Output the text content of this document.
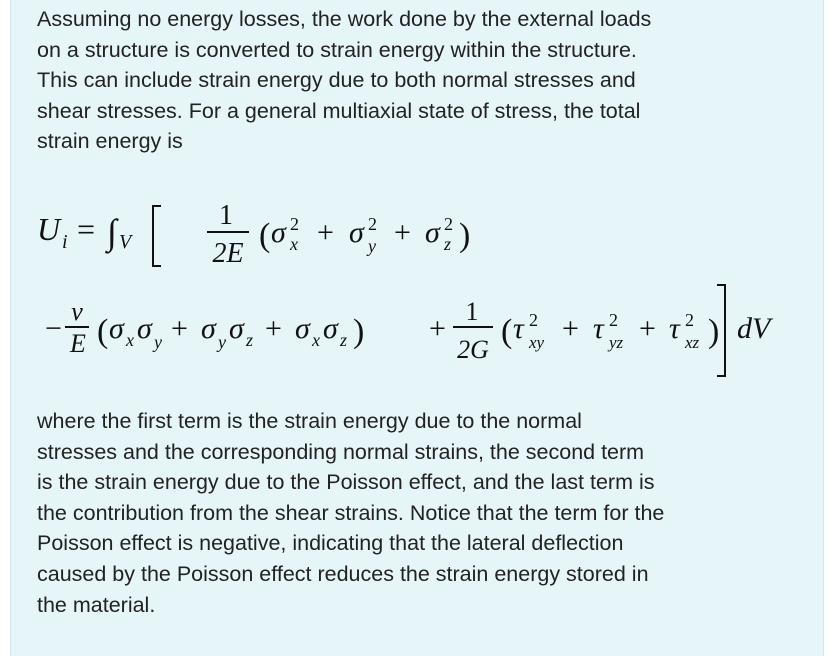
Assuming no energy losses, the work done by the external loads
on a structure is converted to strain energy within the structure.
This can include strain energy due to both normal stresses and
shear stresses. For a general multiaxial state of stress, the total
strain energy is

U i = ∫ V
1
2E ( σ 2
x + σ 2
y + σ 2
z )
−
ν
E ( σ x σ y + σ y σ z + σ x σ z ) +
1
2G ( τ 2
xy + τ 2
yz + τ 2
xz ) dV

where the first term is the strain energy due to the normal
stresses and the corresponding normal strains, the second term
is the strain energy due to the Poisson effect, and the last term is
the contribution from the shear strains. Notice that the term for the
Poisson effect is negative, indicating that the lateral deflection
caused by the Poisson effect reduces the strain energy stored in
the material.
